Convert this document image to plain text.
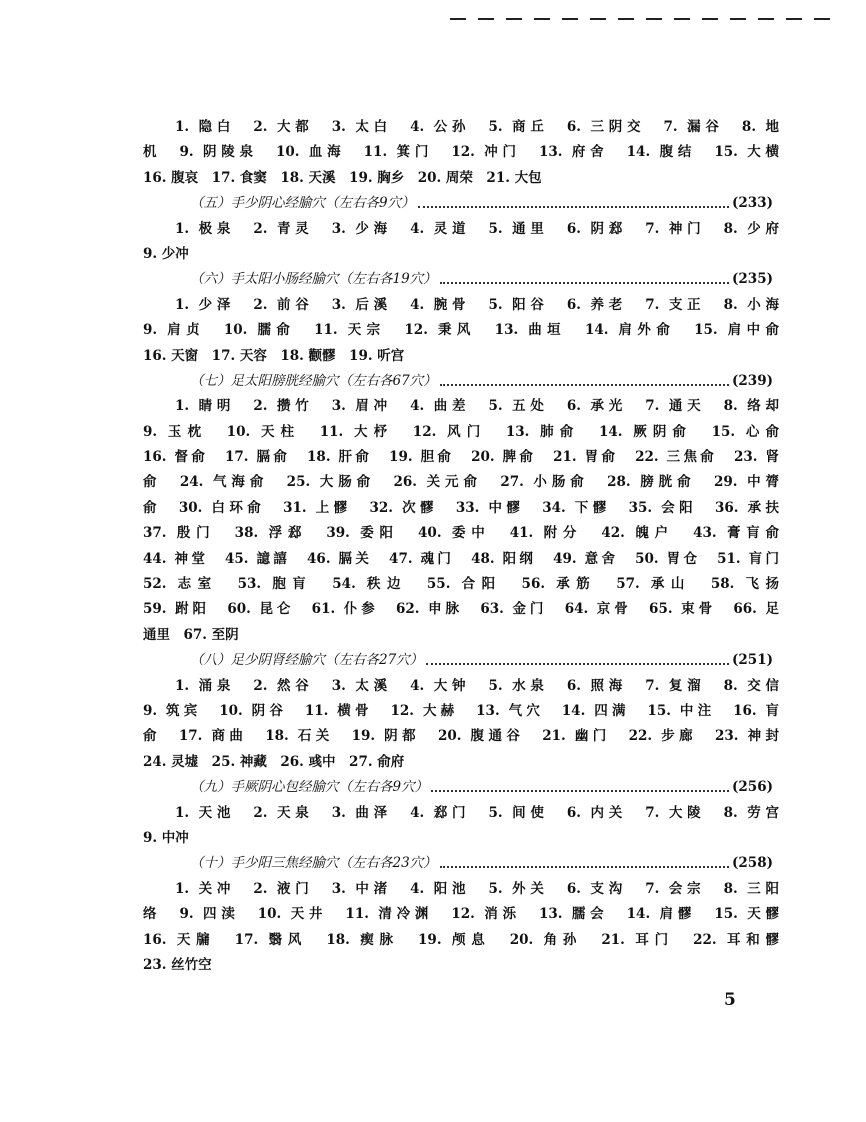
1. 隐白　2. 大都　3. 太白　4. 公孙　5. 商丘　6. 三阴交　7. 漏谷　8. 地
机　9. 阴陵泉　10. 血海　11. 箕门　12. 冲门　13. 府舍　14. 腹结　15. 大横
16. 腹哀　17. 食窦　18. 天溪　19. 胸乡　20. 周荣　21. 大包
（五）手少阴心经腧穴（左右各9穴）	(233)
1. 极泉　2. 青灵　3. 少海　4. 灵道　5. 通里　6. 阴郄　7. 神门　8. 少府
9. 少冲
（六）手太阳小肠经腧穴（左右各19穴）	(235)
1. 少泽　2. 前谷　3. 后溪　4. 腕骨　5. 阳谷　6. 养老　7. 支正　8. 小海
9. 肩贞　10. 臑俞　11. 天宗　12. 秉风　13. 曲垣　14. 肩外俞　15. 肩中俞
16. 天窗　17. 天容　18. 颧髎　19. 听宫
（七）足太阳膀胱经腧穴（左右各67穴）	(239)
1. 睛明　2. 攒竹　3. 眉冲　4. 曲差　5. 五处　6. 承光　7. 通天　8. 络却
9. 玉枕　10. 天柱　11. 大杼　12. 风门　13. 肺俞　14. 厥阴俞　15. 心俞
16. 督俞　17. 膈俞　18. 肝俞　19. 胆俞　20. 脾俞　21. 胃俞　22. 三焦俞　23. 肾
俞　24. 气海俞　25. 大肠俞　26. 关元俞　27. 小肠俞　28. 膀胱俞　29. 中膂
俞　30. 白环俞　31. 上髎　32. 次髎　33. 中髎　34. 下髎　35. 会阳　36. 承扶
37. 殷门　38. 浮郄　39. 委阳　40. 委中　41. 附分　42. 魄户　43. 膏肓俞
44. 神堂　45. 譩譆　46. 膈关　47. 魂门　48. 阳纲　49. 意舍　50. 胃仓　51. 肓门
52. 志室　53. 胞肓　54. 秩边　55. 合阳　56. 承筋　57. 承山　58. 飞扬
59. 跗阳　60. 昆仑　61. 仆参　62. 申脉　63. 金门　64. 京骨　65. 束骨　66. 足
通里　67. 至阴
（八）足少阴肾经腧穴（左右各27穴）	(251)
1. 涌泉　2. 然谷　3. 太溪　4. 大钟　5. 水泉　6. 照海　7. 复溜　8. 交信
9. 筑宾　10. 阴谷　11. 横骨　12. 大赫　13. 气穴　14. 四满　15. 中注　16. 肓
俞　17. 商曲　18. 石关　19. 阴都　20. 腹通谷　21. 幽门　22. 步廊　23. 神封
24. 灵墟　25. 神藏　26. 彧中　27. 俞府
（九）手厥阴心包经腧穴（左右各9穴）	(256)
1. 天池　2. 天泉　3. 曲泽　4. 郄门　5. 间使　6. 内关　7. 大陵　8. 劳宫
9. 中冲
（十）手少阳三焦经腧穴（左右各23穴）	(258)
1. 关冲　2. 液门　3. 中渚　4. 阳池　5. 外关　6. 支沟　7. 会宗　8. 三阳
络　9. 四渎　10. 天井　11. 清冷渊　12. 消泺　13. 臑会　14. 肩髎　15. 天髎
16. 天牖　17. 翳风　18. 瘈脉　19. 颅息　20. 角孙　21. 耳门　22. 耳和髎
23. 丝竹空
5
